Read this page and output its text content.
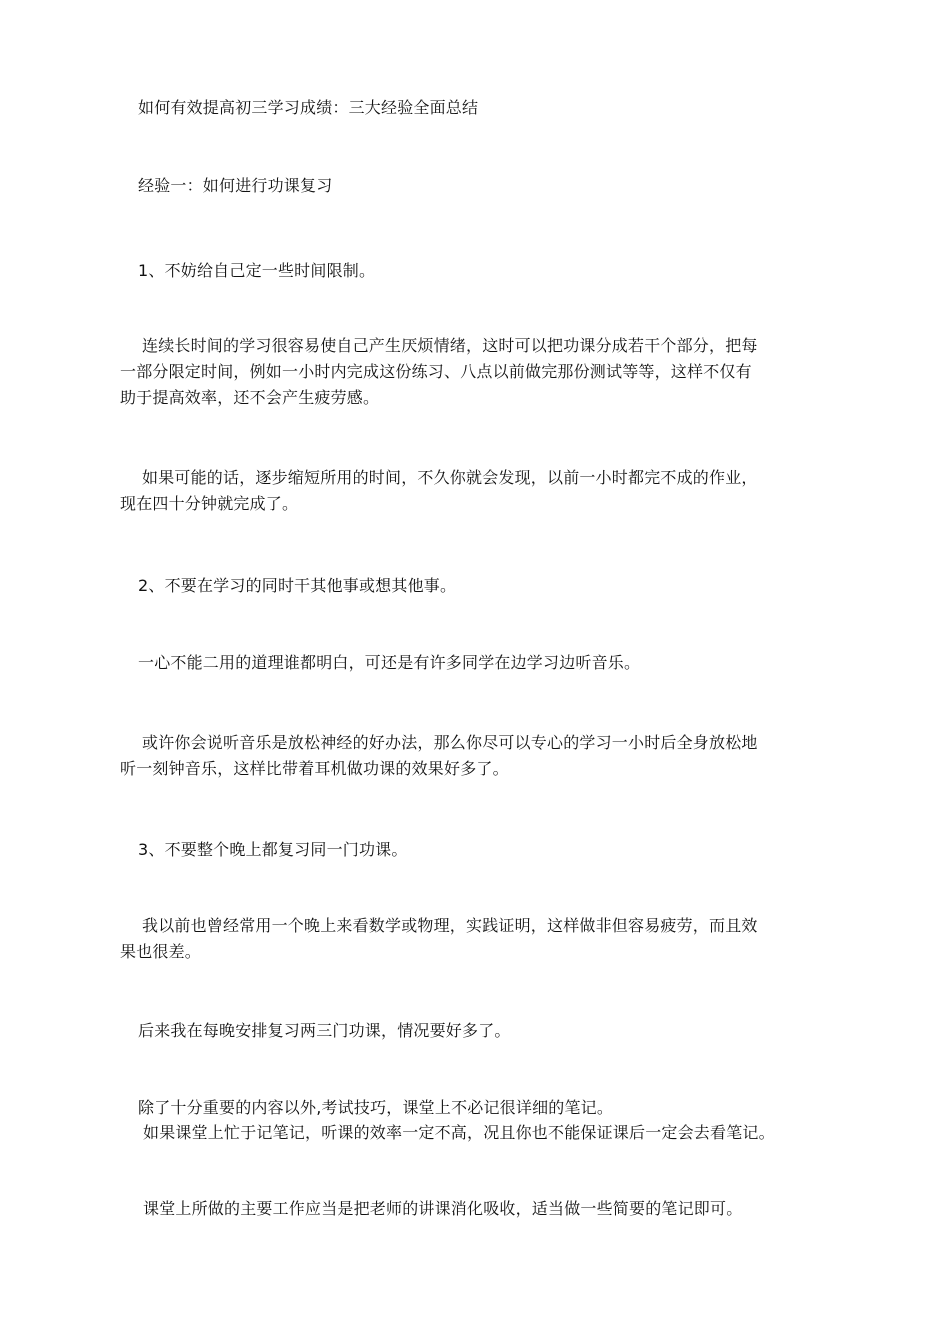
如何有效提高初三学习成绩：三大经验全面总结
经验一：如何进行功课复习
1、不妨给自己定一些时间限制。
连续长时间的学习很容易使自己产生厌烦情绪，这时可以把功课分成若干个部分，把每
一部分限定时间，例如一小时内完成这份练习、八点以前做完那份测试等等，这样不仅有
助于提高效率，还不会产生疲劳感。
如果可能的话，逐步缩短所用的时间，不久你就会发现，以前一小时都完不成的作业，
现在四十分钟就完成了。
2、不要在学习的同时干其他事或想其他事。
一心不能二用的道理谁都明白，可还是有许多同学在边学习边听音乐。
或许你会说听音乐是放松神经的好办法，那么你尽可以专心的学习一小时后全身放松地
听一刻钟音乐，这样比带着耳机做功课的效果好多了。
3、不要整个晚上都复习同一门功课。
我以前也曾经常用一个晚上来看数学或物理，实践证明，这样做非但容易疲劳，而且效
果也很差。
后来我在每晚安排复习两三门功课，情况要好多了。
除了十分重要的内容以外,考试技巧，课堂上不必记很详细的笔记。
如果课堂上忙于记笔记，听课的效率一定不高，况且你也不能保证课后一定会去看笔记。
课堂上所做的主要工作应当是把老师的讲课消化吸收，适当做一些简要的笔记即可。
